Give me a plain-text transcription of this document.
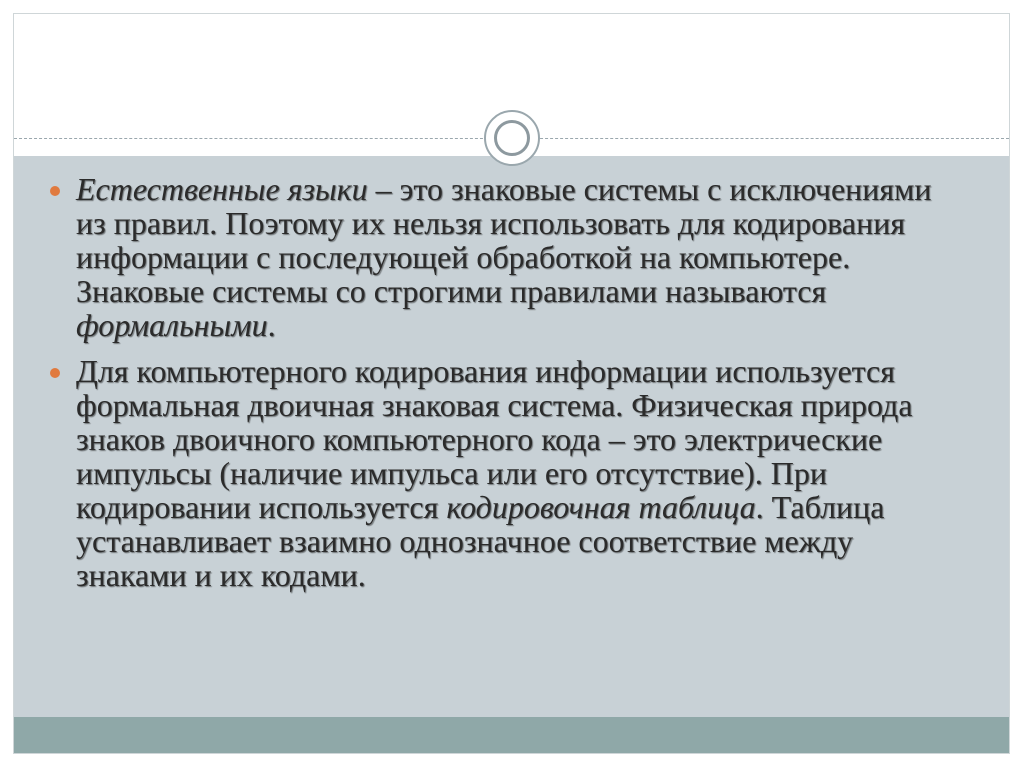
Естественные языки – это знаковые системы с исключениями из правил. Поэтому их нельзя использовать для кодирования информации с последующей обработкой на компьютере. Знаковые системы со строгими правилами называются формальными.
Для компьютерного кодирования информации используется формальная двоичная знаковая система. Физическая природа знаков двоичного компьютерного кода – это электрические импульсы (наличие импульса или его отсутствие). При кодировании используется кодировочная таблица. Таблица устанавливает взаимно однозначное соответствие между знаками и их кодами.
